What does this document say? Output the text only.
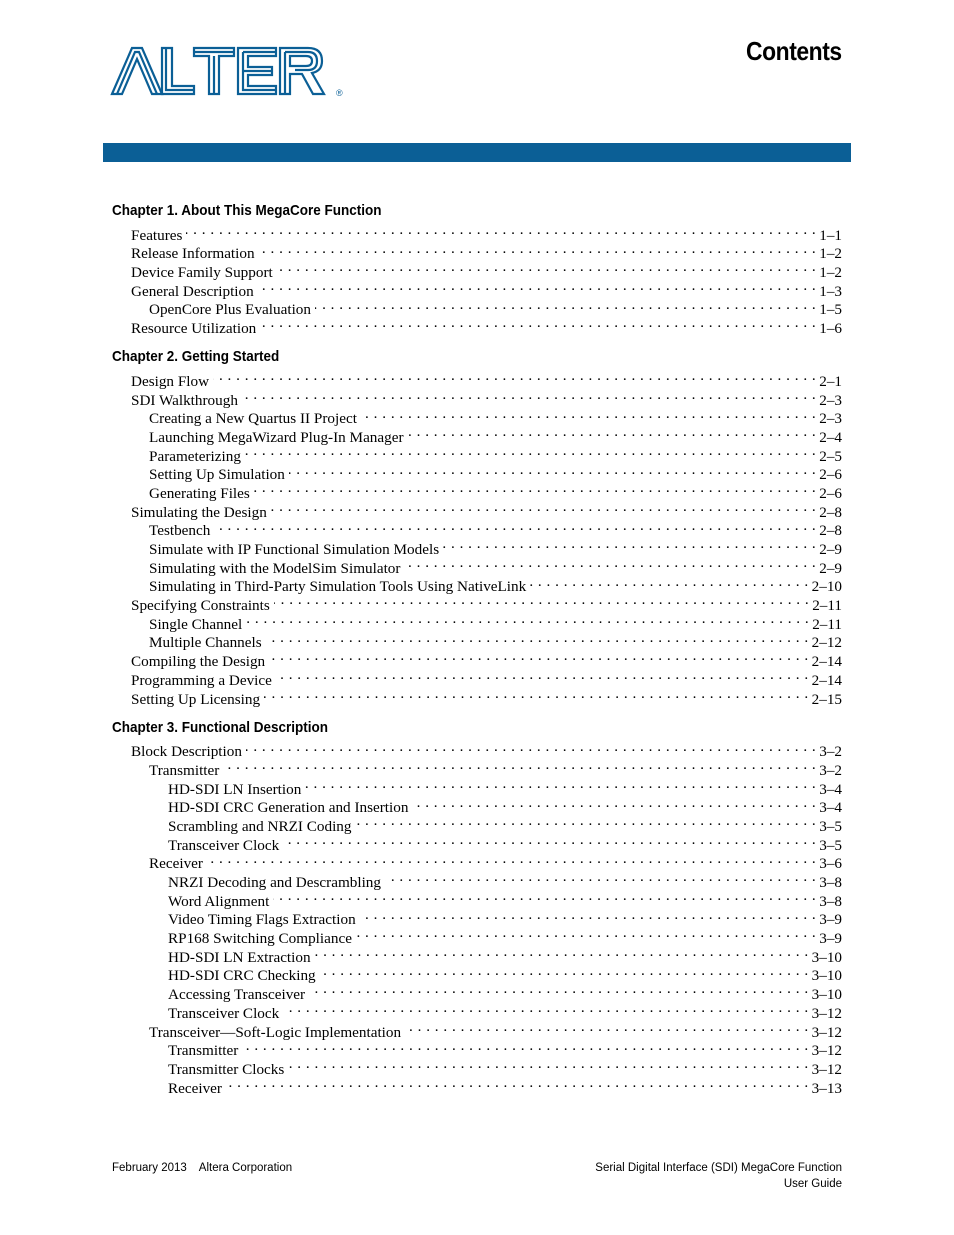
®
Contents
Chapter 1. About This MegaCore Function
Features . . .	1–1
Release Information . . .	1–2
Device Family Support . . .	1–2
General Description . . .	1–3
OpenCore Plus Evaluation . . .	1–5
Resource Utilization . . .	1–6
Chapter 2. Getting Started
Design Flow . . .	2–1
SDI Walkthrough . . .	2–3
Creating a New Quartus II Project . . .	2–3
Launching MegaWizard Plug-In Manager . . .	2–4
Parameterizing . . .	2–5
Setting Up Simulation . . .	2–6
Generating Files . . .	2–6
Simulating the Design . . .	2–8
Testbench . . .	2–8
Simulate with IP Functional Simulation Models . . .	2–9
Simulating with the ModelSim Simulator . . .	2–9
Simulating in Third-Party Simulation Tools Using NativeLink . . .	2–10
Specifying Constraints . . .	2–11
Single Channel . . .	2–11
Multiple Channels . . .	2–12
Compiling the Design . . .	2–14
Programming a Device . . .	2–14
Setting Up Licensing . . .	2–15
Chapter 3. Functional Description
Block Description . . .	3–2
Transmitter . . .	3–2
HD-SDI LN Insertion . . .	3–4
HD-SDI CRC Generation and Insertion . . .	3–4
Scrambling and NRZI Coding . . .	3–5
Transceiver Clock . . .	3–5
Receiver . . .	3–6
NRZI Decoding and Descrambling . . .	3–8
Word Alignment . . .	3–8
Video Timing Flags Extraction . . .	3–9
RP168 Switching Compliance . . .	3–9
HD-SDI LN Extraction . . .	3–10
HD-SDI CRC Checking . . .	3–10
Accessing Transceiver . . .	3–10
Transceiver Clock . . .	3–12
Transceiver—Soft-Logic Implementation . . .	3–12
Transmitter . . .	3–12
Transmitter Clocks . . .	3–12
Receiver . . .	3–13
February 2013 Altera Corporation	Serial Digital Interface (SDI) MegaCore Function
User Guide
